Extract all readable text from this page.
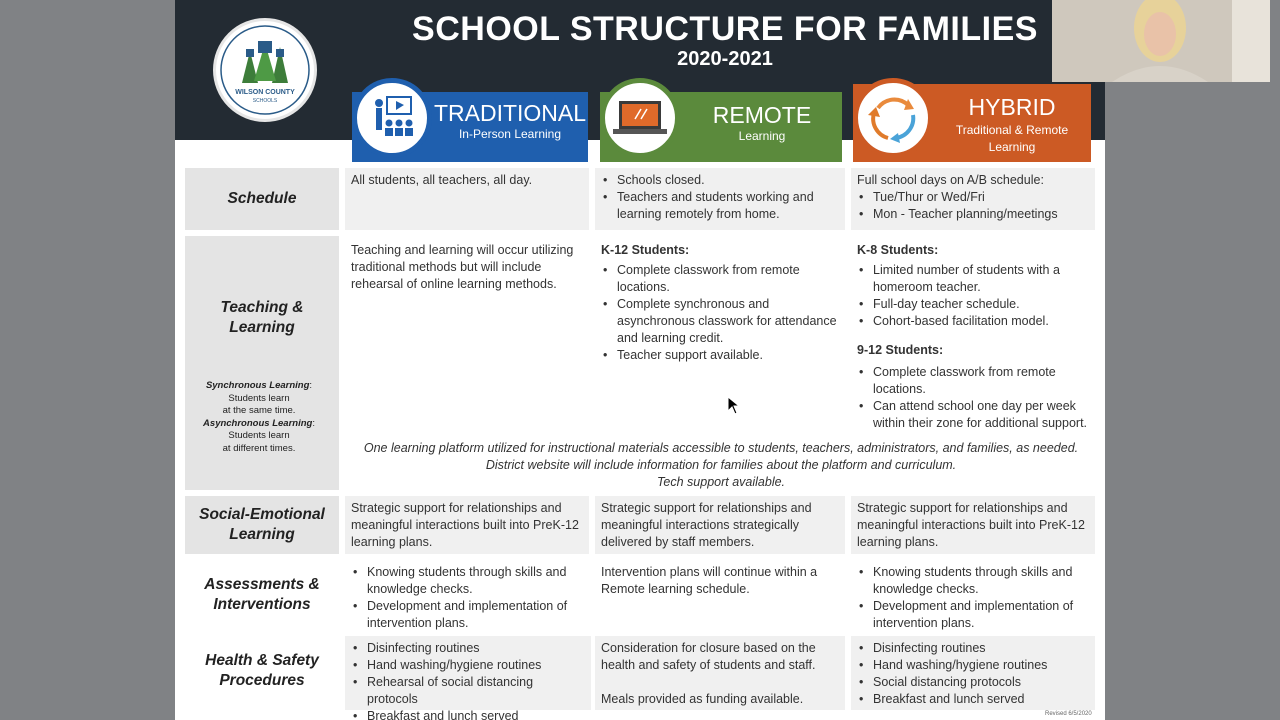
SCHOOL STRUCTURE FOR FAMILIES
2020-2021
WILSON COUNTY
SCHOOLS	TRADITIONAL
In-Person Learning
REMOTE
Learning
HYBRID
Traditional & Remote Learning
Schedule
Teaching & Learning
Social-Emotional Learning
Assessments & Interventions
Health & Safety Procedures
Synchronous Learning:
Students learn
at the same time.
Asynchronous Learning:
Students learn
at different times.
All students, all teachers, all day.
•	Schools closed.
• Teachers and students working and learning remotely from home.
Full school days on A/B schedule:
• Tue/Thur or Wed/Fri
• Mon - Teacher planning/meetings
Teaching and learning will occur utilizing traditional methods but will include rehearsal of online learning methods.
K-12 Students:
• Complete classwork from remote locations.
• Complete synchronous and asynchronous classwork for attendance and learning credit.
• Teacher support available.
K-8 Students:
• Limited number of students with a homeroom teacher.
• Full-day teacher schedule.
• Cohort-based facilitation model.
9-12 Students:
• Complete classwork from remote locations.
• Can attend school one day per week within their zone for additional support.
One learning platform utilized for instructional materials accessible to students, teachers, administrators, and families, as needed.
District website will include information for families about the platform and curriculum.
Tech support available.
Strategic support for relationships and meaningful interactions built into PreK-12 learning plans.
Strategic support for relationships and meaningful interactions strategically delivered by staff members.
Strategic support for relationships and meaningful interactions built into PreK-12 learning plans.
• Knowing students through skills and knowledge checks.
• Development and implementation of intervention plans.
Intervention plans will continue within a Remote learning schedule.
• Knowing students through skills and knowledge checks.
• Development and implementation of intervention plans.
• Disinfecting routines
• Hand washing/hygiene routines
• Rehearsal of social distancing protocols
• Breakfast and lunch served
Consideration for closure based on the health and safety of students and staff.
Meals provided as funding available.
• Disinfecting routines
• Hand washing/hygiene routines
• Social distancing protocols
• Breakfast and lunch served
Revised 6/5/2020
